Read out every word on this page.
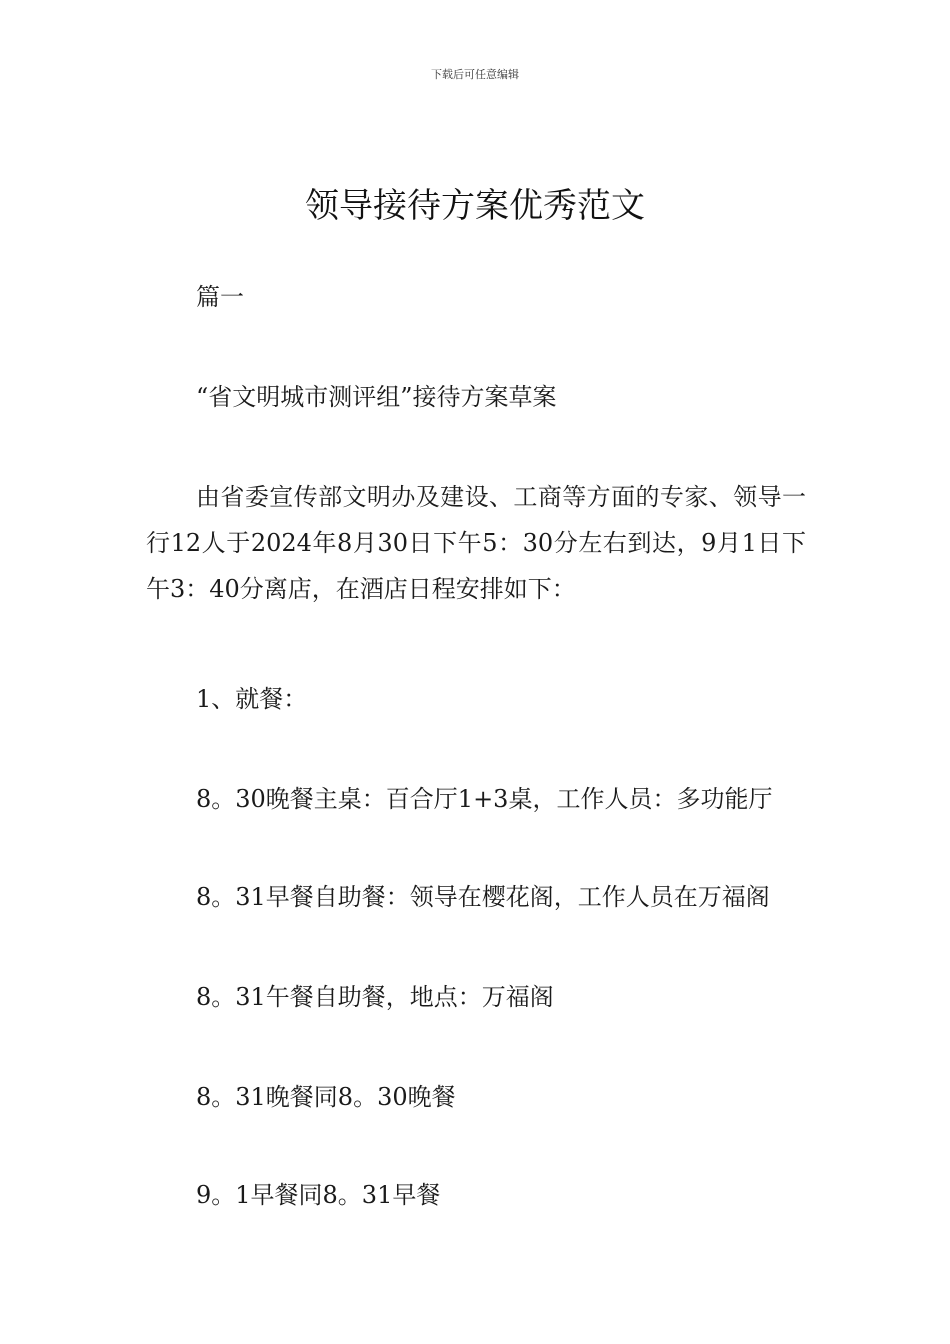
下载后可任意编辑
领导接待方案优秀范文

篇一

“省文明城市测评组”接待方案草案

由省委宣传部文明办及建设、工商等方面的专家、领导一行12人于2024年8月30日下午5：30分左右到达，9月1日下午3：40分离店，在酒店日程安排如下：

1、就餐：

8。30晚餐主桌：百合厅1+3桌，工作人员：多功能厅

8。31早餐自助餐：领导在樱花阁，工作人员在万福阁

8。31午餐自助餐，地点：万福阁

8。31晚餐同8。30晚餐

9。1早餐同8。31早餐
